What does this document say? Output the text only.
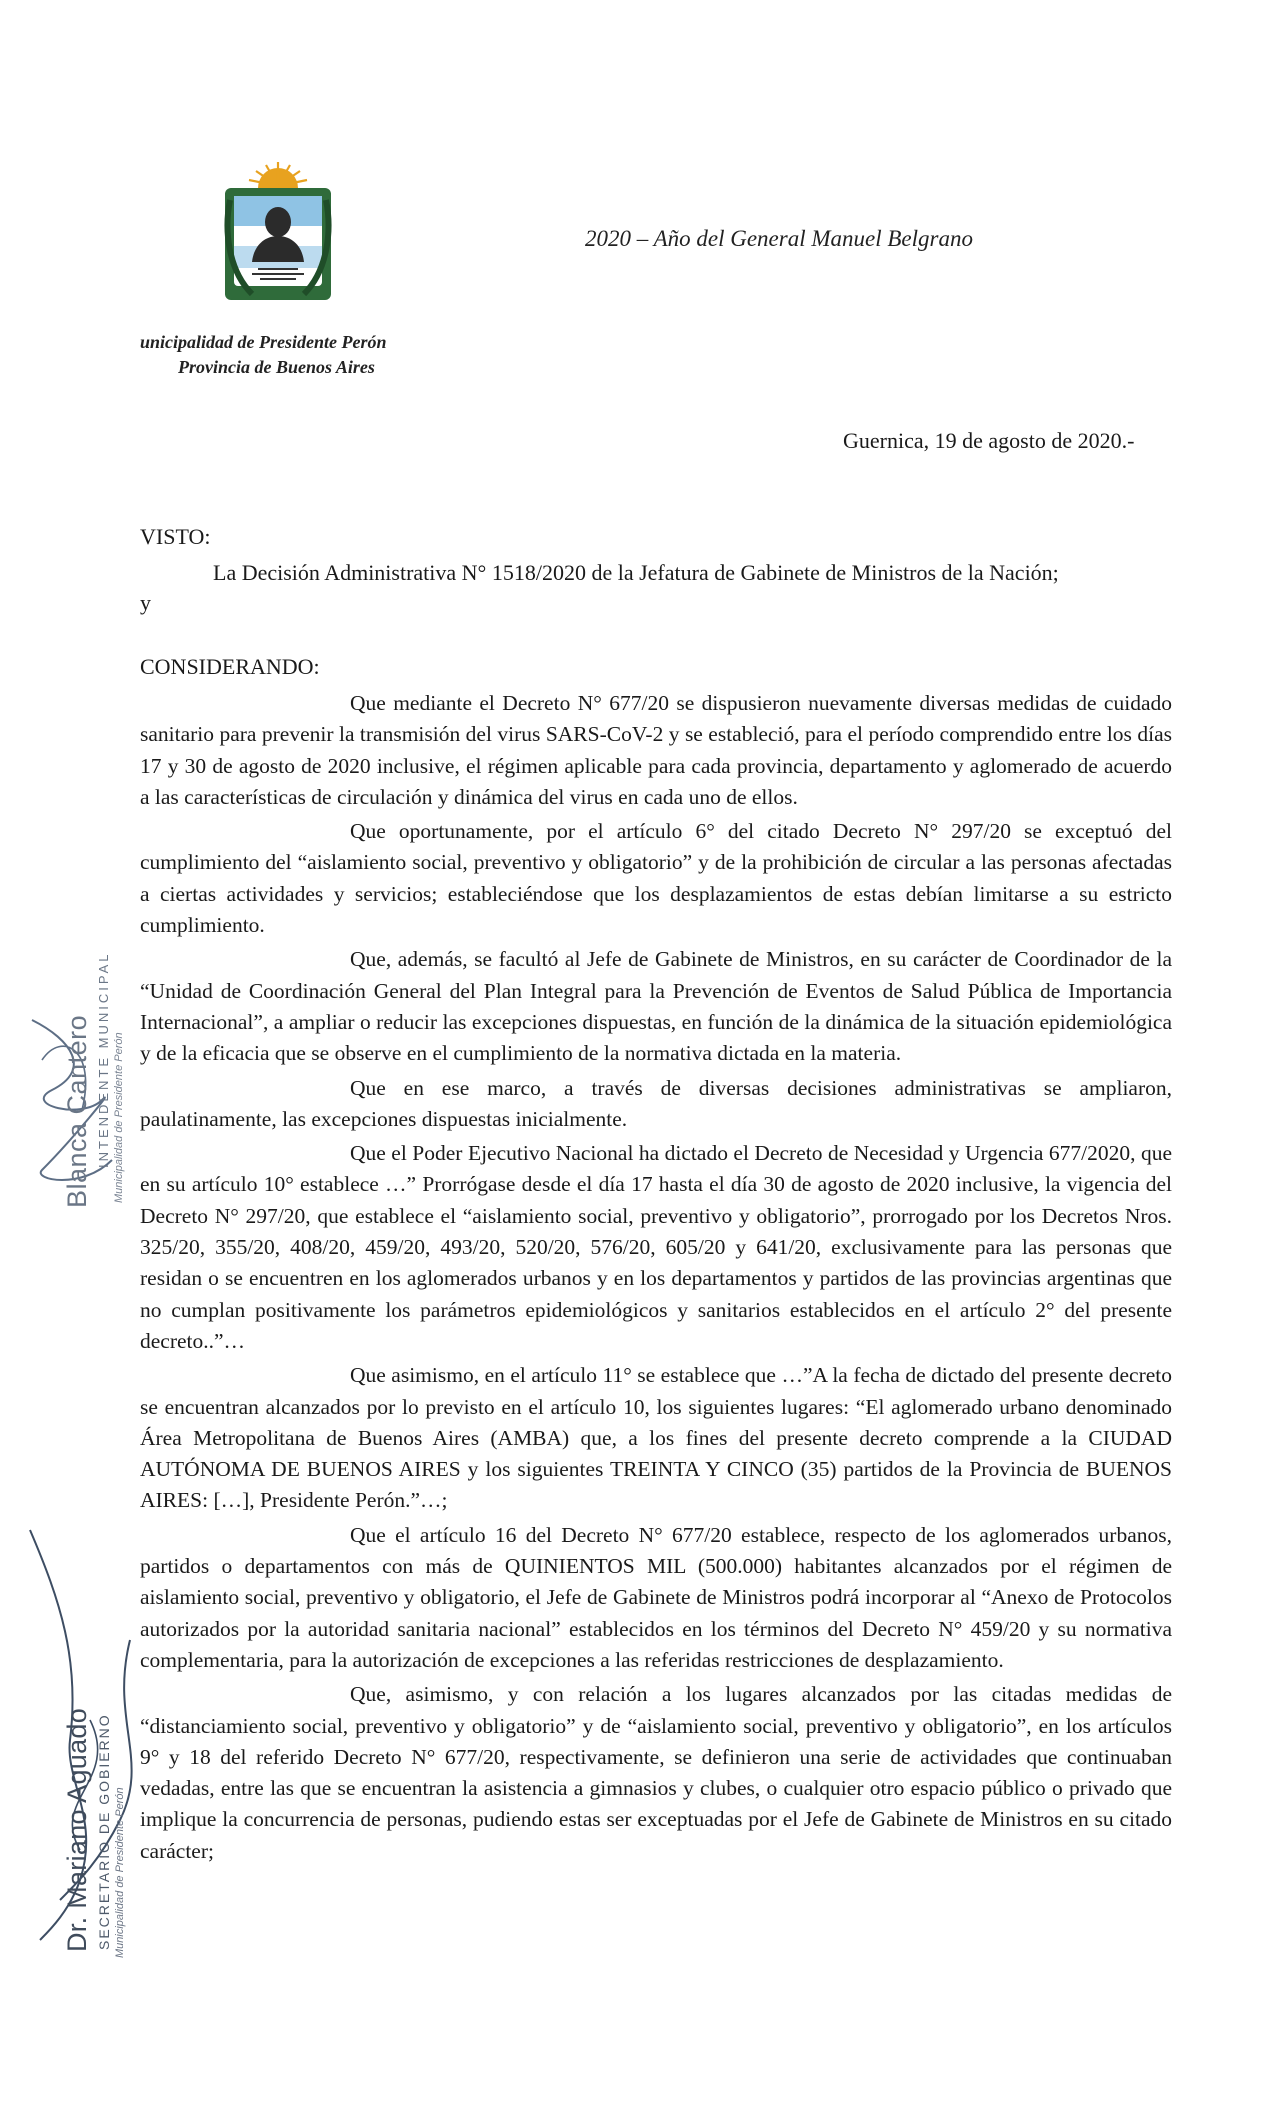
2020 – Año del General Manuel Belgrano
unicipalidad de Presidente Perón
Provincia de Buenos Aires
Guernica, 19 de agosto de 2020.-
VISTO:
La Decisión Administrativa N° 1518/2020 de la Jefatura de Gabinete de Ministros de la Nación;
y
CONSIDERANDO:

Que mediante el Decreto N° 677/20 se dispusieron nuevamente diversas medidas de cuidado sanitario para prevenir la transmisión del virus SARS-CoV-2 y se estableció, para el período comprendido entre los días 17 y 30 de agosto de 2020 inclusive, el régimen aplicable para cada provincia, departamento y aglomerado de acuerdo a las características de circulación y dinámica del virus en cada uno de ellos.

Que oportunamente, por el artículo 6° del citado Decreto N° 297/20 se exceptuó del cumplimiento del “aislamiento social, preventivo y obligatorio” y de la prohibición de circular a las personas afectadas a ciertas actividades y servicios; estableciéndose que los desplazamientos de estas debían limitarse a su estricto cumplimiento.

Que, además, se facultó al Jefe de Gabinete de Ministros, en su carácter de Coordinador de la “Unidad de Coordinación General del Plan Integral para la Prevención de Eventos de Salud Pública de Importancia Internacional”, a ampliar o reducir las excepciones dispuestas, en función de la dinámica de la situación epidemiológica y de la eficacia que se observe en el cumplimiento de la normativa dictada en la materia.

Que en ese marco, a través de diversas decisiones administrativas se ampliaron, paulatinamente, las excepciones dispuestas inicialmente.

Que el Poder Ejecutivo Nacional ha dictado el Decreto de Necesidad y Urgencia 677/2020, que en su artículo 10° establece …” Prorrógase desde el día 17 hasta el día 30 de agosto de 2020 inclusive, la vigencia del Decreto N° 297/20, que establece el “aislamiento social, preventivo y obligatorio”, prorrogado por los Decretos Nros. 325/20, 355/20, 408/20, 459/20, 493/20, 520/20, 576/20, 605/20 y 641/20, exclusivamente para las personas que residan o se encuentren en los aglomerados urbanos y en los departamentos y partidos de las provincias argentinas que no cumplan positivamente los parámetros epidemiológicos y sanitarios establecidos en el artículo 2° del presente decreto..”…

Que asimismo, en el artículo 11° se establece que …”A la fecha de dictado del presente decreto se encuentran alcanzados por lo previsto en el artículo 10, los siguientes lugares: “El aglomerado urbano denominado Área Metropolitana de Buenos Aires (AMBA) que, a los fines del presente decreto comprende a la CIUDAD AUTÓNOMA DE BUENOS AIRES y los siguientes TREINTA Y CINCO (35) partidos de la Provincia de BUENOS AIRES: […], Presidente Perón.”…;

Que el artículo 16 del Decreto N° 677/20 establece, respecto de los aglomerados urbanos, partidos o departamentos con más de QUINIENTOS MIL (500.000) habitantes alcanzados por el régimen de aislamiento social, preventivo y obligatorio, el Jefe de Gabinete de Ministros podrá incorporar al “Anexo de Protocolos autorizados por la autoridad sanitaria nacional” establecidos en los términos del Decreto N° 459/20 y su normativa complementaria, para la autorización de excepciones a las referidas restricciones de desplazamiento.

Que, asimismo, y con relación a los lugares alcanzados por las citadas medidas de “distanciamiento social, preventivo y obligatorio” y de “aislamiento social, preventivo y obligatorio”, en los artículos 9° y 18 del referido Decreto N° 677/20, respectivamente, se definieron una serie de actividades que continuaban vedadas, entre las que se encuentran la asistencia a gimnasios y clubes, o cualquier otro espacio público o privado que implique la concurrencia de personas, pudiendo estas ser exceptuadas por el Jefe de Gabinete de Ministros en su citado carácter;

Blanca Cantero INTENDENTE MUNICIPAL Municipalidad de Presidente Perón
Dr. Mariano Aguado SECRETARIO DE GOBIERNO Municipalidad de Presidente Perón
